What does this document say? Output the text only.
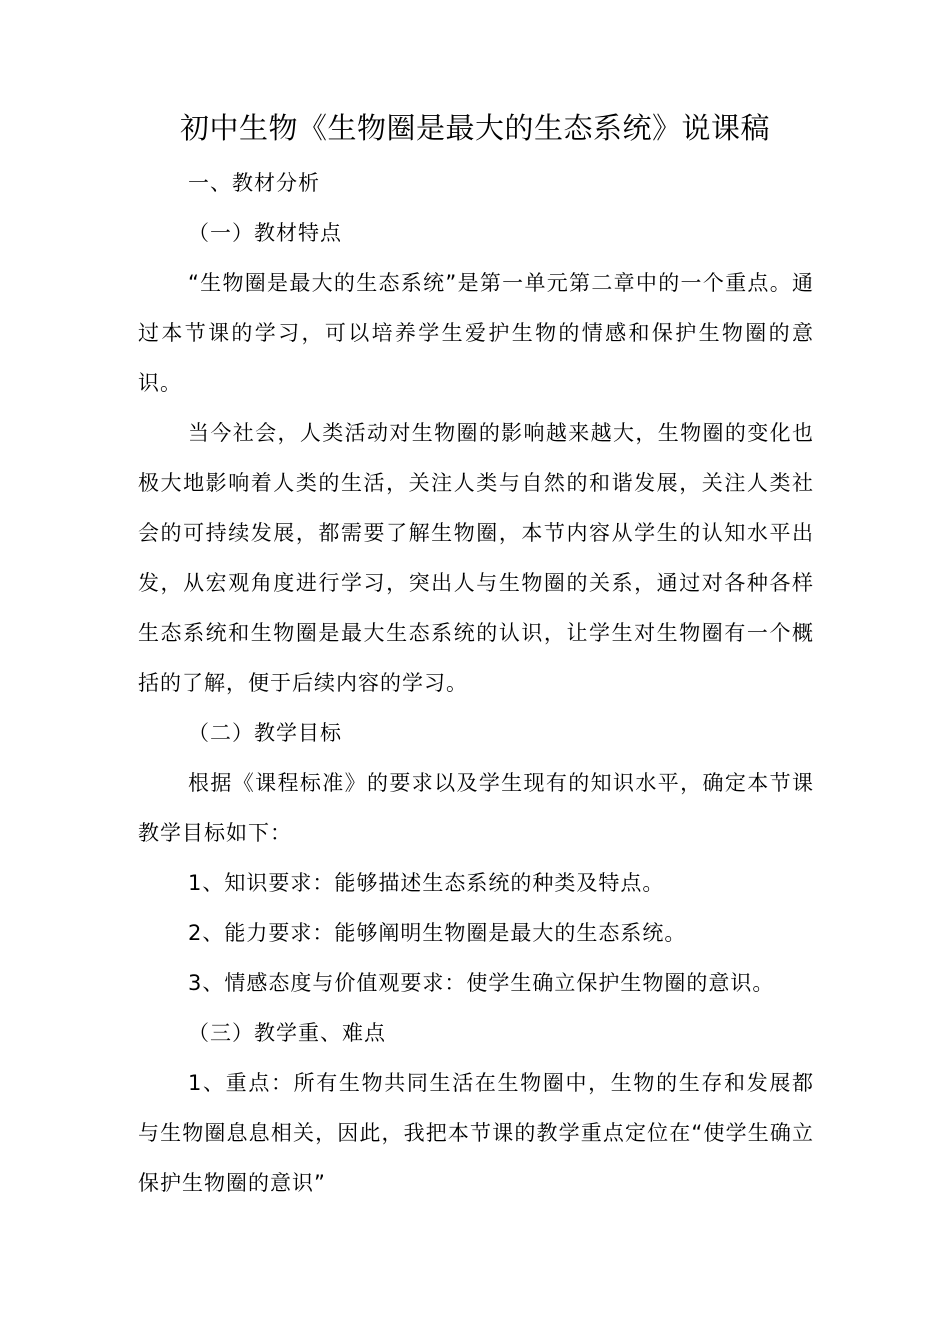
初中生物《生物圈是最大的生态系统》说课稿

一、教材分析

（一）教材特点

“生物圈是最大的生态系统”是第一单元第二章中的一个重点。通过本节课的学习，可以培养学生爱护生物的情感和保护生物圈的意识。

当今社会，人类活动对生物圈的影响越来越大，生物圈的变化也极大地影响着人类的生活，关注人类与自然的和谐发展，关注人类社会的可持续发展，都需要了解生物圈，本节内容从学生的认知水平出发，从宏观角度进行学习，突出人与生物圈的关系，通过对各种各样生态系统和生物圈是最大生态系统的认识，让学生对生物圈有一个概括的了解，便于后续内容的学习。

（二）教学目标

根据《课程标准》的要求以及学生现有的知识水平，确定本节课教学目标如下：

1、知识要求：能够描述生态系统的种类及特点。

2、能力要求：能够阐明生物圈是最大的生态系统。

3、情感态度与价值观要求：使学生确立保护生物圈的意识。

（三）教学重、难点

1、重点：所有生物共同生活在生物圈中，生物的生存和发展都与生物圈息息相关，因此，我把本节课的教学重点定位在“使学生确立保护生物圈的意识”
